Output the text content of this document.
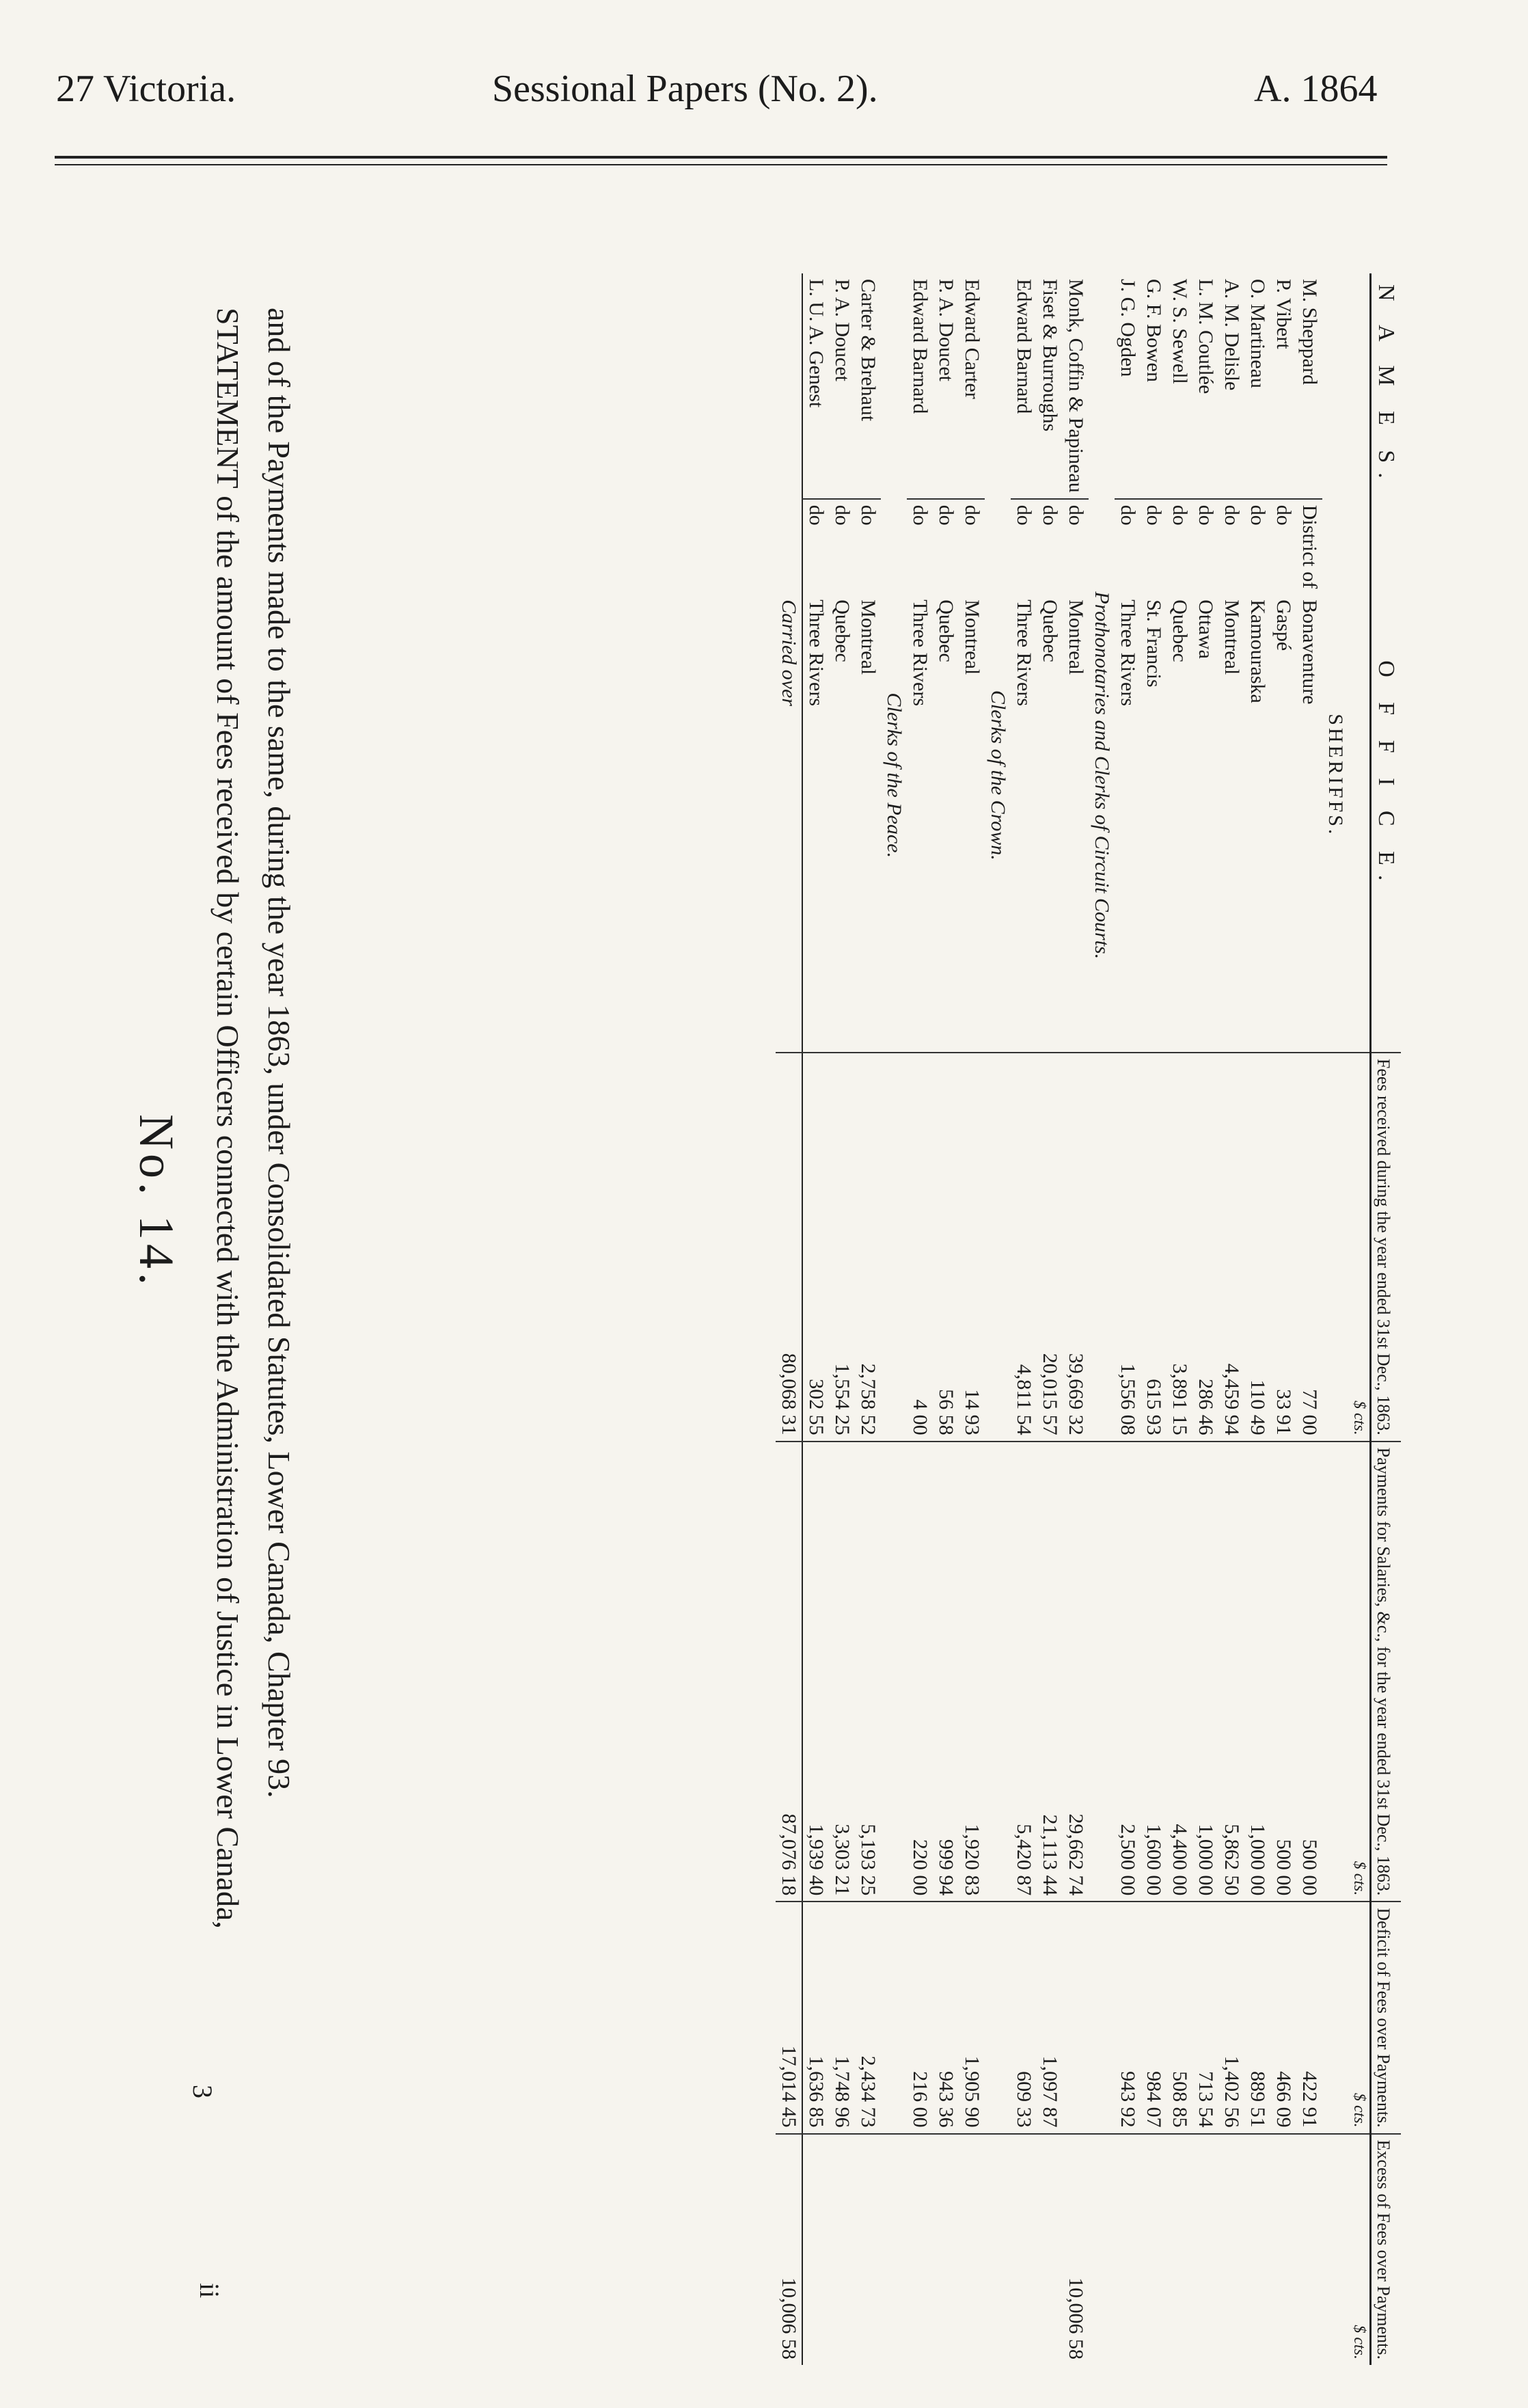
27 Victoria.	Sessional Papers (No. 2).	A. 1864
No. 14. STATEMENT of the amount of Fees received by certain Officers connected with the Administration of Justice in Lower Canada, and of the Payments made to the same, during the year 1863, under Consolidated Statutes, Lower Canada, Chapter 93.	N A M E S.	O F F I C E.		Fees received during the year ended 31st Dec., 1863.	Payments for Salaries, &c., for the year ended 31st Dec., 1863.	Deficit of Fees over Payments.	Excess of Fees over Payments.
			$ cts.	$ cts.	$ cts.	$ cts.
	SHERIFFS.					
M. Sheppard	District of	Bonaventure	77 00	500 00	422 91	
P. Vibert	do	Gaspé	33 91	500 00	466 09	
O. Martineau	do	Kamouraska	110 49	1,000 00	889 51	
A. M. Delisle	do	Montreal	4,459 94	5,862 50	1,402 56	
L. M. Coutlée	do	Ottawa	286 46	1,000 00	713 54	
W. S. Sewell	do	Quebec	3,891 15	4,400 00	508 85	
G. F. Bowen	do	St. Francis	615 93	1,600 00	984 07	
J. G. Ogden	do	Three Rivers	1,556 08	2,500 00	943 92	
	Prothonotaries and Clerks of Circuit Courts.					
Monk, Coffin & Papineau	do	Montreal	39,669 32	29,662 74		10,006 58
Fiset & Burroughs	do	Quebec	20,015 57	21,113 44	1,097 87	
Edward Barnard	do	Three Rivers	4,811 54	5,420 87	609 33	
	Clerks of the Crown.					
Edward Carter	do	Montreal	14 93	1,920 83	1,905 90	
P. A. Doucet	do	Quebec	56 58	999 94	943 36	
Edward Barnard	do	Three Rivers	4 00	220 00	216 00	
	Clerks of the Peace.					
Carter & Brehaut	do	Montreal	2,758 52	5,193 25	2,434 73	
P. A. Doucet	do	Quebec	1,554 25	3,303 21	1,748 96	
L. U. A. Genest	do	Three Rivers	302 55	1,939 40	1,636 85	
		Carried over	80,068 31	87,076 18	17,014 45	10,006 58
3
ii
